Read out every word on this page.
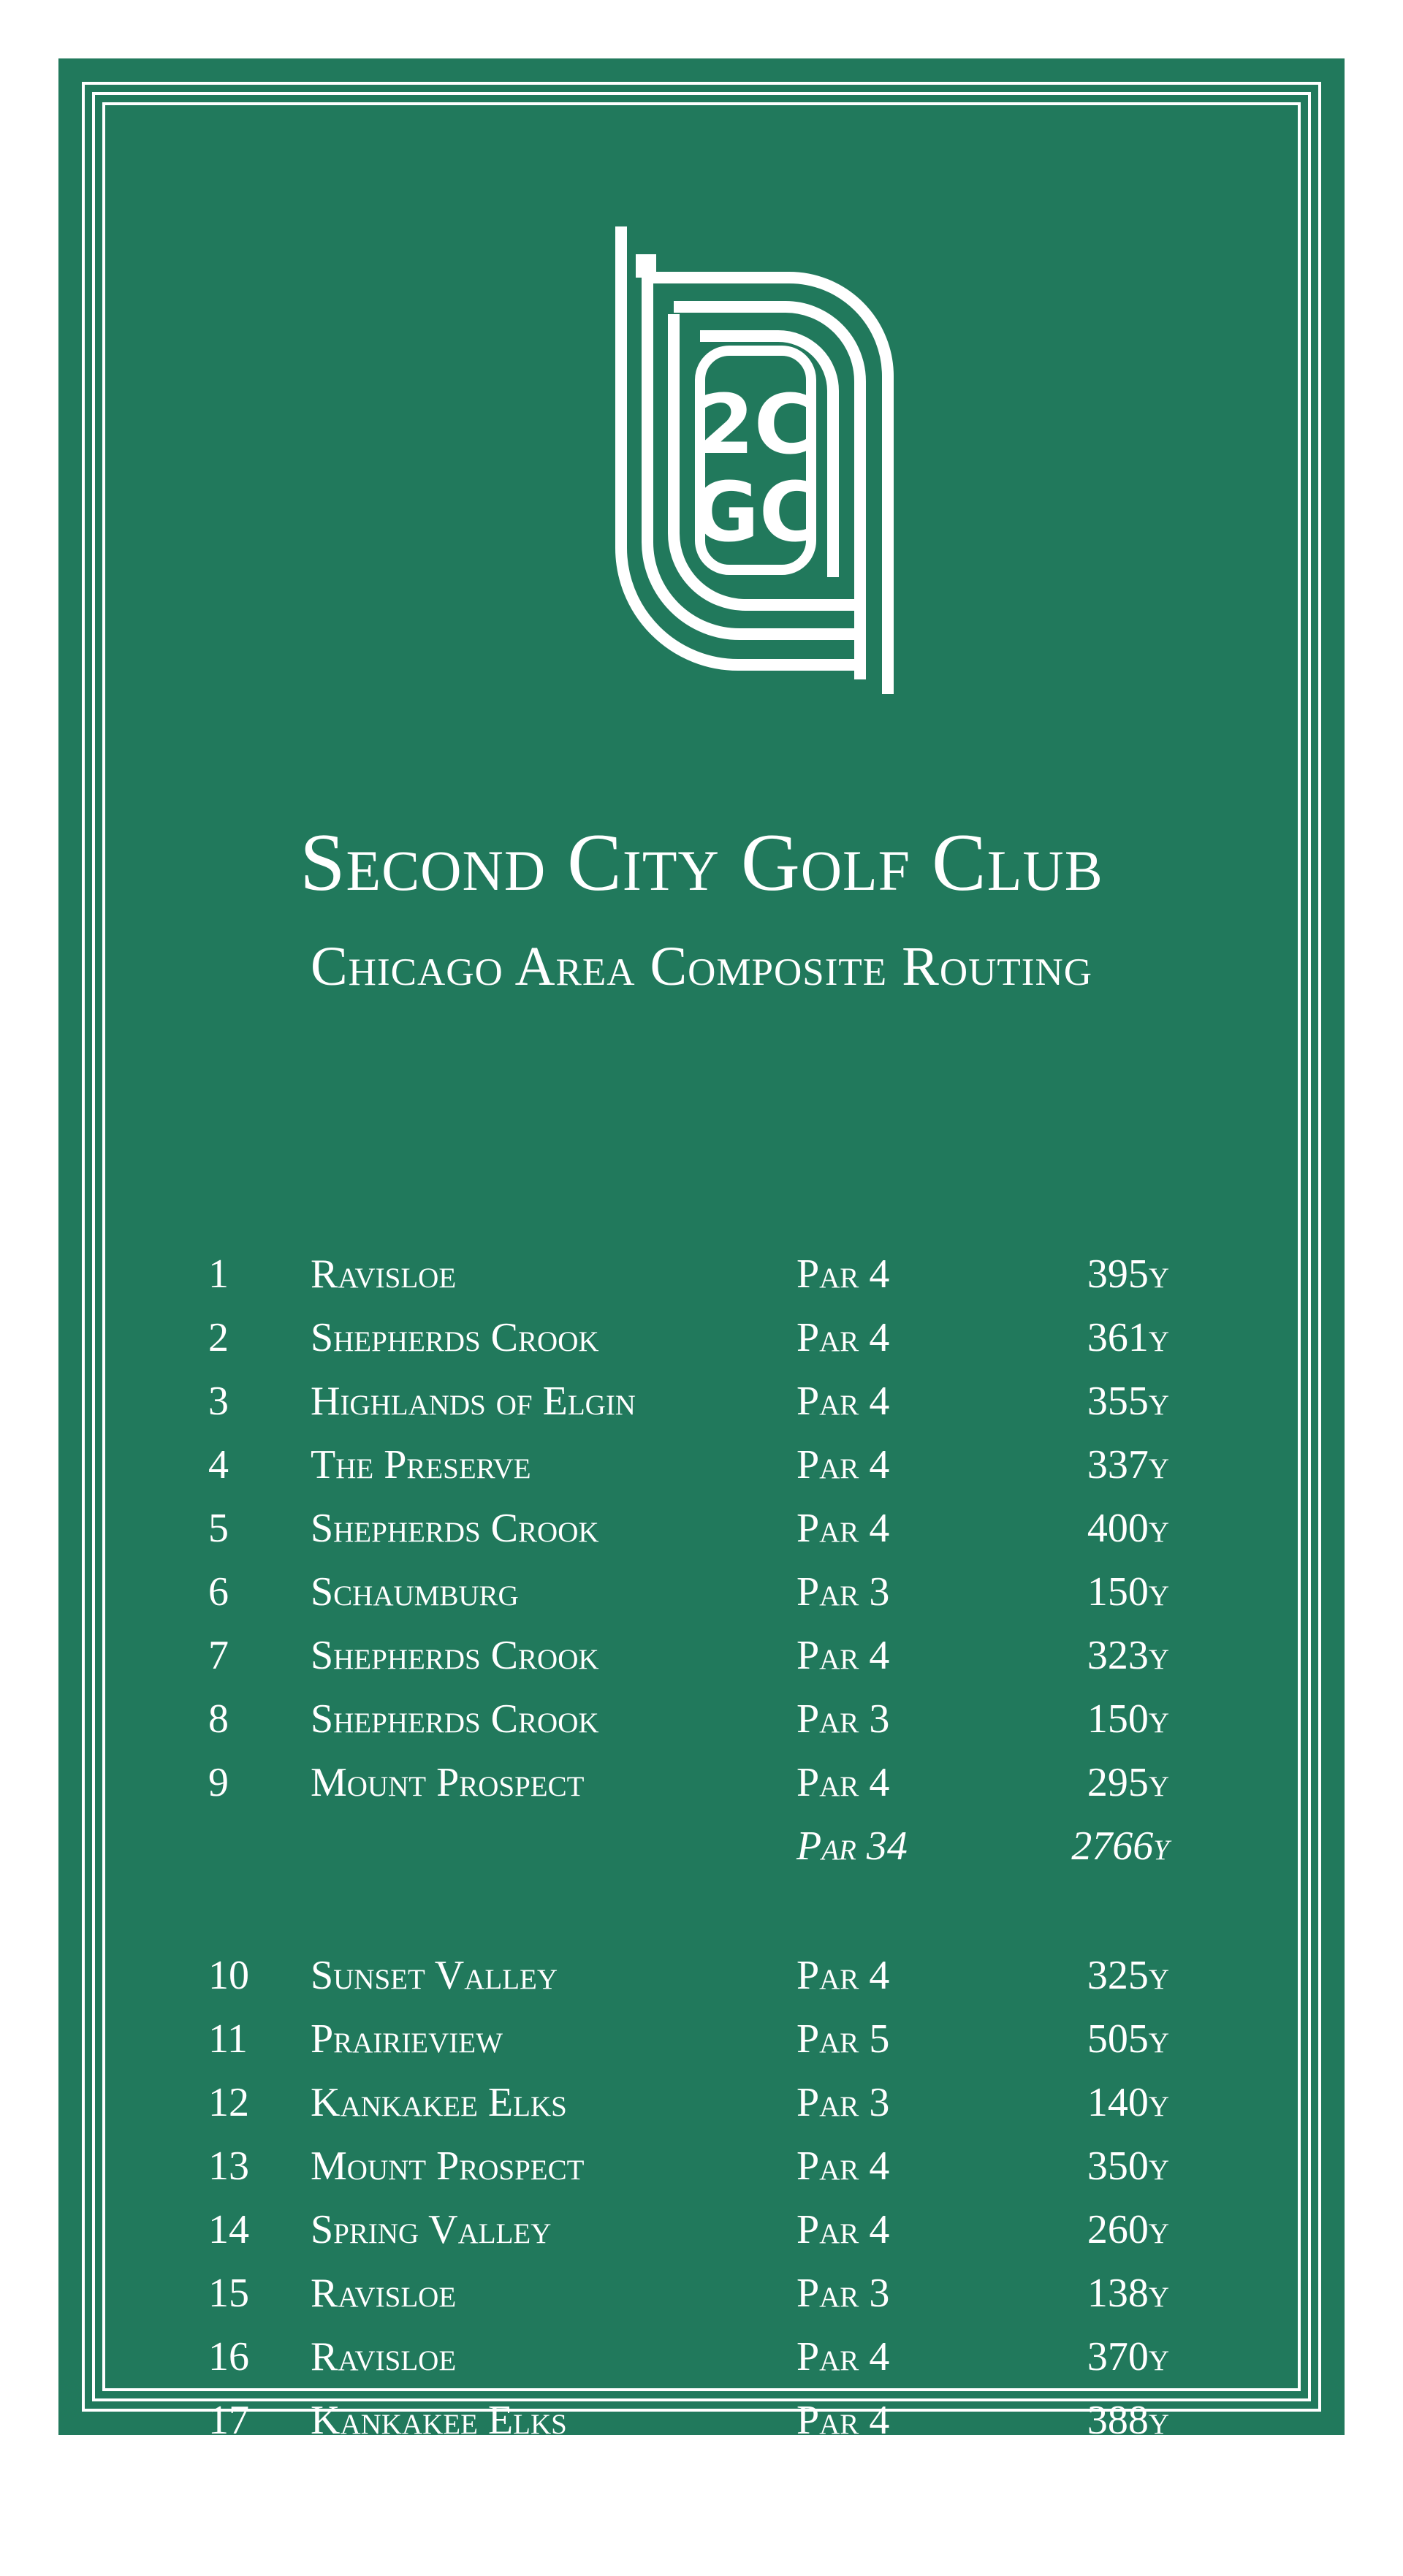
2C
GC
Second City Golf Club
Chicago Area Composite Routing
1 Ravisloe	Par 4	395y
2 Shepherds Crook	Par 4	361y
3 Highlands of Elgin	Par 4	355y
4 The Preserve	Par 4	337y
5 Shepherds Crook	Par 4	400y
6 Schaumburg	Par 3	150y
7 Shepherds Crook	Par 4	323y
8 Shepherds Crook	Par 3	150y
9 Mount Prospect	Par 4	295y
Par 34	2766y
10 Sunset Valley	Par 4	325y
11 Prairieview	Par 5	505y
12 Kankakee Elks	Par 3	140y
13 Mount Prospect	Par 4	350y
14 Spring Valley	Par 4	260y
15 Ravisloe	Par 3	138y
16 Ravisloe	Par 4	370y
17 Kankakee Elks	Par 4	388y
18 Black Sheep	Par 5	497y
Par 36	2973y
